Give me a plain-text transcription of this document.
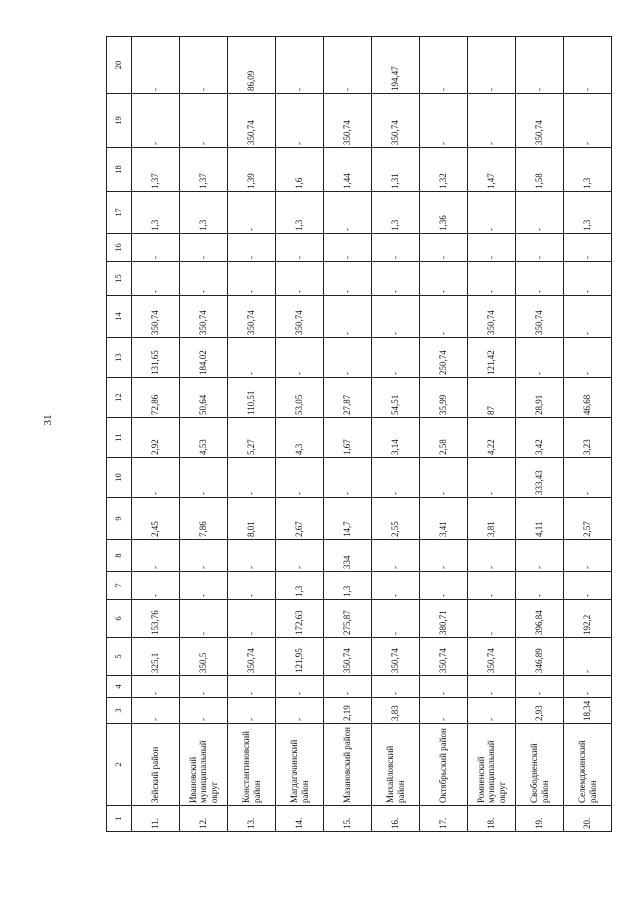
31
1	2	3	4	5	6	7	8	9	10	11	12	13	14	15	16	17	18	19	20
11.	Зейский район	-	-	325,1	153,76	-	-	2,45	-	2,92	72,86	131,65	350,74	-	-	1,3	1,37	-	-
12.	Ивановский муниципальный округ	-	-	350,5	-	-	-	7,86	-	4,53	50,64	184,02	350,74	-	-	1,3	1,37	-	-
13.	Константиновский район	-	-	350,74	-	-	-	8,01	-	5,27	110,51	-	350,74	-	-	-	1,39	350,74	86,09
14.	Магдагачинский район	-	-	121,95	172,63	1,3	-	2,67	-	4,3	53,05	-	350,74	-	-	1,3	1,6	-	-
15.	Мазановский район	2,19	-	350,74	275,87	1,3	334	14,7	-	1,67	27,87	-	-	-	-	-	1,44	350,74	-
16.	Михайловский район	3,83	-	350,74	-	-	-	2,55	-	3,14	54,51	-	-	-	-	1,3	1,31	350,74	194,47
17.	Октябрьский район	-	-	350,74	380,71	-	-	3,41	-	2,58	35,99	250,74	-	-	-	1,36	1,32	-	-
18.	Ромненский муниципальный округ	-	-	350,74	-	-	-	3,81	-	4,22	87	121,42	350,74	-	-	-	1,47	-	-
19.	Свободненский район	2,93	-	346,89	396,84	-	-	4,11	333,43	3,42	28,91	-	350,74	-	-	-	1,58	350,74	-
20.	Селемджинский район	18,34	-	-	192,2	-	-	2,57	-	3,23	46,68	-	-	-	-	1,3	1,3	-	-
